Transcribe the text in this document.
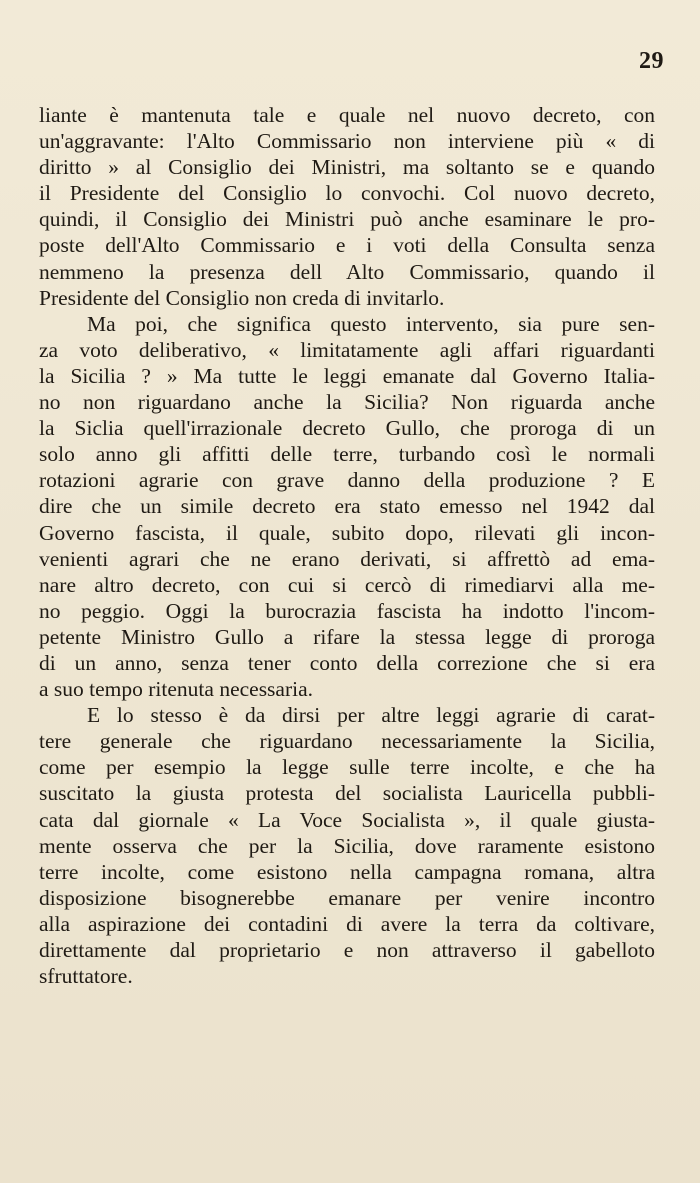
29
liante è mantenuta tale e quale nel nuovo decreto, con
un'aggravante: l'Alto Commissario non interviene più « di
diritto » al Consiglio dei Ministri, ma soltanto se e quando
il Presidente del Consiglio lo convochi. Col nuovo decreto,
quindi, il Consiglio dei Ministri può anche esaminare le pro-
poste dell'Alto Commissario e i voti della Consulta senza
nemmeno la presenza dell Alto Commissario, quando il
Presidente del Consiglio non creda di invitarlo.
Ma poi, che significa questo intervento, sia pure sen-
za voto deliberativo, « limitatamente agli affari riguardanti
la Sicilia ? » Ma tutte le leggi emanate dal Governo Italia-
no non riguardano anche la Sicilia? Non riguarda anche
la Siclia quell'irrazionale decreto Gullo, che proroga di un
solo anno gli affitti delle terre, turbando così le normali
rotazioni agrarie con grave danno della produzione ? E
dire che un simile decreto era stato emesso nel 1942 dal
Governo fascista, il quale, subito dopo, rilevati gli incon-
venienti agrari che ne erano derivati, si affrettò ad ema-
nare altro decreto, con cui si cercò di rimediarvi alla me-
no peggio. Oggi la burocrazia fascista ha indotto l'incom-
petente Ministro Gullo a rifare la stessa legge di proroga
di un anno, senza tener conto della correzione che si era
a suo tempo ritenuta necessaria.
E lo stesso è da dirsi per altre leggi agrarie di carat-
tere generale che riguardano necessariamente la Sicilia,
come per esempio la legge sulle terre incolte, e che ha
suscitato la giusta protesta del socialista Lauricella pubbli-
cata dal giornale « La Voce Socialista », il quale giusta-
mente osserva che per la Sicilia, dove raramente esistono
terre incolte, come esistono nella campagna romana, altra
disposizione bisognerebbe emanare per venire incontro
alla aspirazione dei contadini di avere la terra da coltivare,
direttamente dal proprietario e non attraverso il gabelloto
sfruttatore.
